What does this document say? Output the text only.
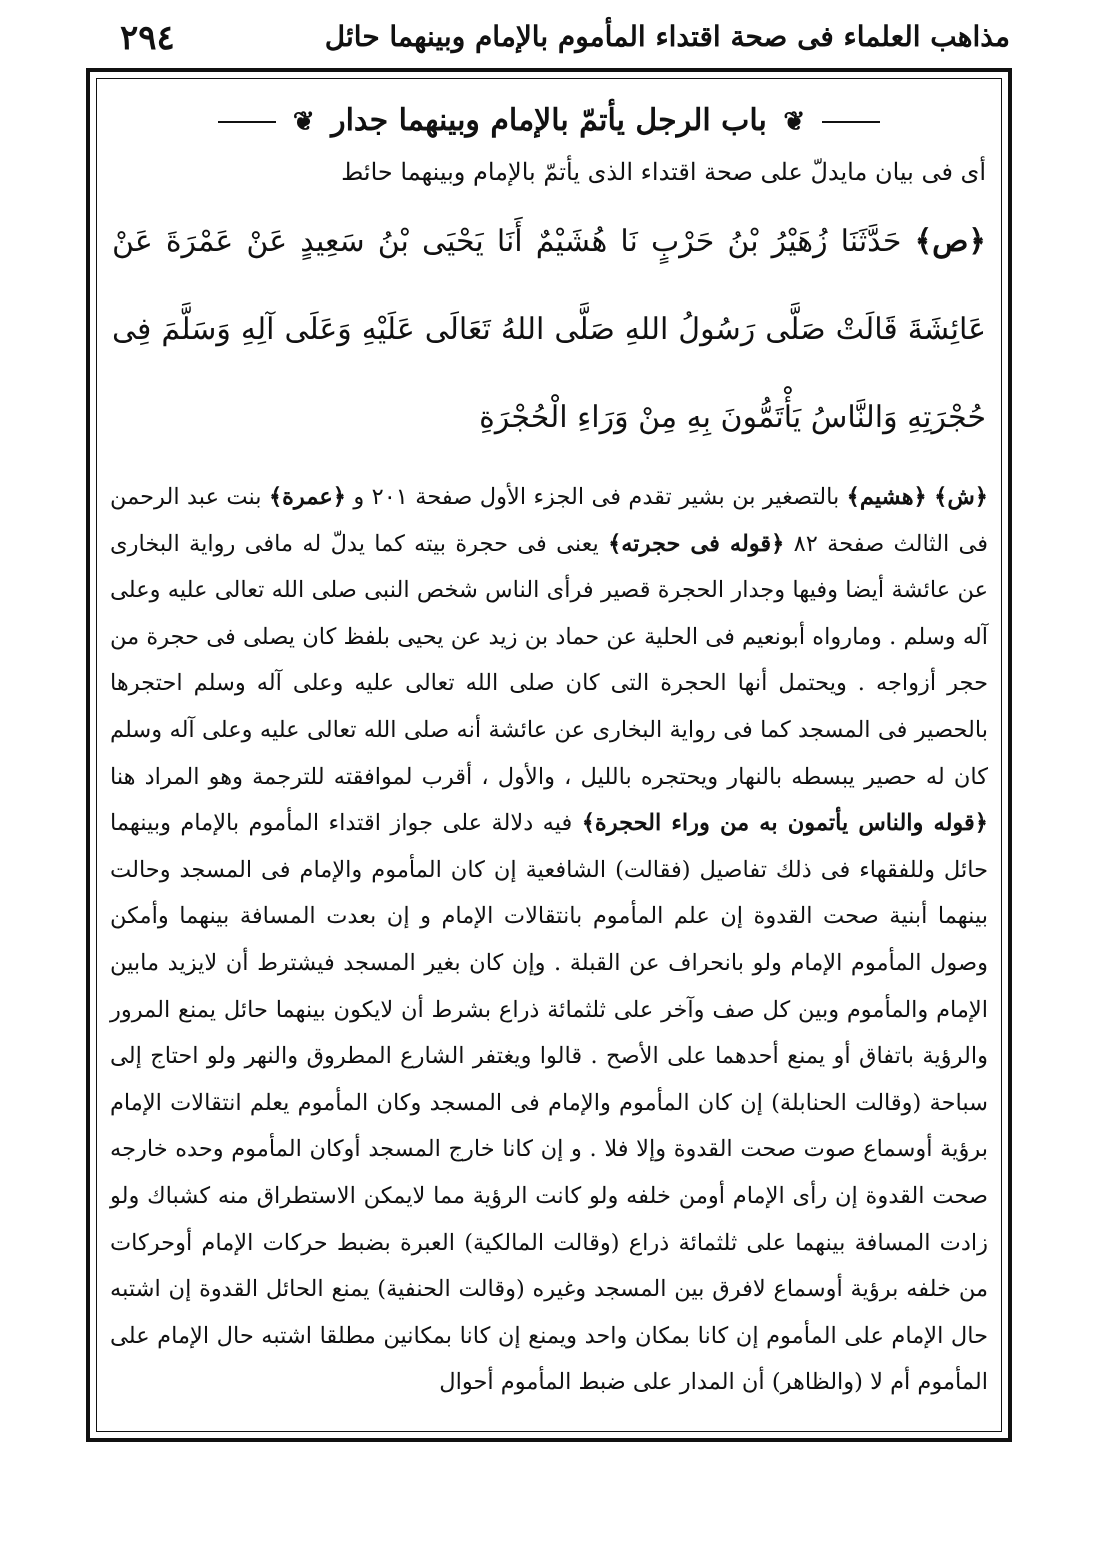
٢٩٤	مذاهب العلماء فى صحة اقتداء المأموم بالإمام وبينهما حائل
❦ باب الرجل يأتمّ بالإمام وبينهما جدار ❦
أى فى بيان مايدلّ على صحة اقتداء الذى يأتمّ بالإمام وبينهما حائط
﴿ص﴾ حَدَّثَنَا زُهَيْرُ بْنُ حَرْبٍ نَا هُشَيْمٌ أَنَا يَحْيَى بْنُ سَعِيدٍ عَنْ عَمْرَةَ عَنْ عَائِشَةَ قَالَتْ صَلَّى رَسُولُ اللهِ صَلَّى اللهُ تَعَالَى عَلَيْهِ وَعَلَى آلِهِ وَسَلَّمَ فِى حُجْرَتِهِ وَالنَّاسُ يَأْتَمُّونَ بِهِ مِنْ وَرَاءِ الْحُجْرَةِ
﴿ش﴾ ﴿هشيم﴾ بالتصغير بن بشير تقدم فى الجزء الأول صفحة ٢٠١ و ﴿عمرة﴾ بنت عبد الرحمن فى الثالث صفحة ٨٢ ﴿قوله فى حجرته﴾ يعنى فى حجرة بيته كما يدلّ له مافى رواية البخارى عن عائشة أيضا وفيها وجدار الحجرة قصير فرأى الناس شخص النبى صلى الله تعالى عليه وعلى آله وسلم . ومارواه أبونعيم فى الحلية عن حماد بن زيد عن يحيى بلفظ كان يصلى فى حجرة من حجر أزواجه . ويحتمل أنها الحجرة التى كان صلى الله تعالى عليه وعلى آله وسلم احتجرها بالحصير فى المسجد كما فى رواية البخارى عن عائشة أنه صلى الله تعالى عليه وعلى آله وسلم كان له حصير يبسطه بالنهار ويحتجره بالليل ، والأول ، أقرب لموافقته للترجمة وهو المراد هنا ﴿قوله والناس يأتمون به من وراء الحجرة﴾ فيه دلالة على جواز اقتداء المأموم بالإمام وبينهما حائل وللفقهاء فى ذلك تفاصيل (فقالت) الشافعية إن كان المأموم والإمام فى المسجد وحالت بينهما أبنية صحت القدوة إن علم المأموم بانتقالات الإمام و إن بعدت المسافة بينهما وأمكن وصول المأموم الإمام ولو بانحراف عن القبلة . وإن كان بغير المسجد فيشترط أن لايزيد مابين الإمام والمأموم وبين كل صف وآخر على ثلثمائة ذراع بشرط أن لايكون بينهما حائل يمنع المرور والرؤية باتفاق أو يمنع أحدهما على الأصح . قالوا ويغتفر الشارع المطروق والنهر ولو احتاج إلى سباحة (وقالت الحنابلة) إن كان المأموم والإمام فى المسجد وكان المأموم يعلم انتقالات الإمام برؤية أوسماع صوت صحت القدوة وإلا فلا . و إن كانا خارج المسجد أوكان المأموم وحده خارجه صحت القدوة إن رأى الإمام أومن خلفه ولو كانت الرؤية مما لايمكن الاستطراق منه كشباك ولو زادت المسافة بينهما على ثلثمائة ذراع (وقالت المالكية) العبرة بضبط حركات الإمام أوحركات من خلفه برؤية أوسماع لافرق بين المسجد وغيره (وقالت الحنفية) يمنع الحائل القدوة إن اشتبه حال الإمام على المأموم إن كانا بمكان واحد ويمنع إن كانا بمكانين مطلقا اشتبه حال الإمام على المأموم أم لا (والظاهر) أن المدار على ضبط المأموم أحوال
